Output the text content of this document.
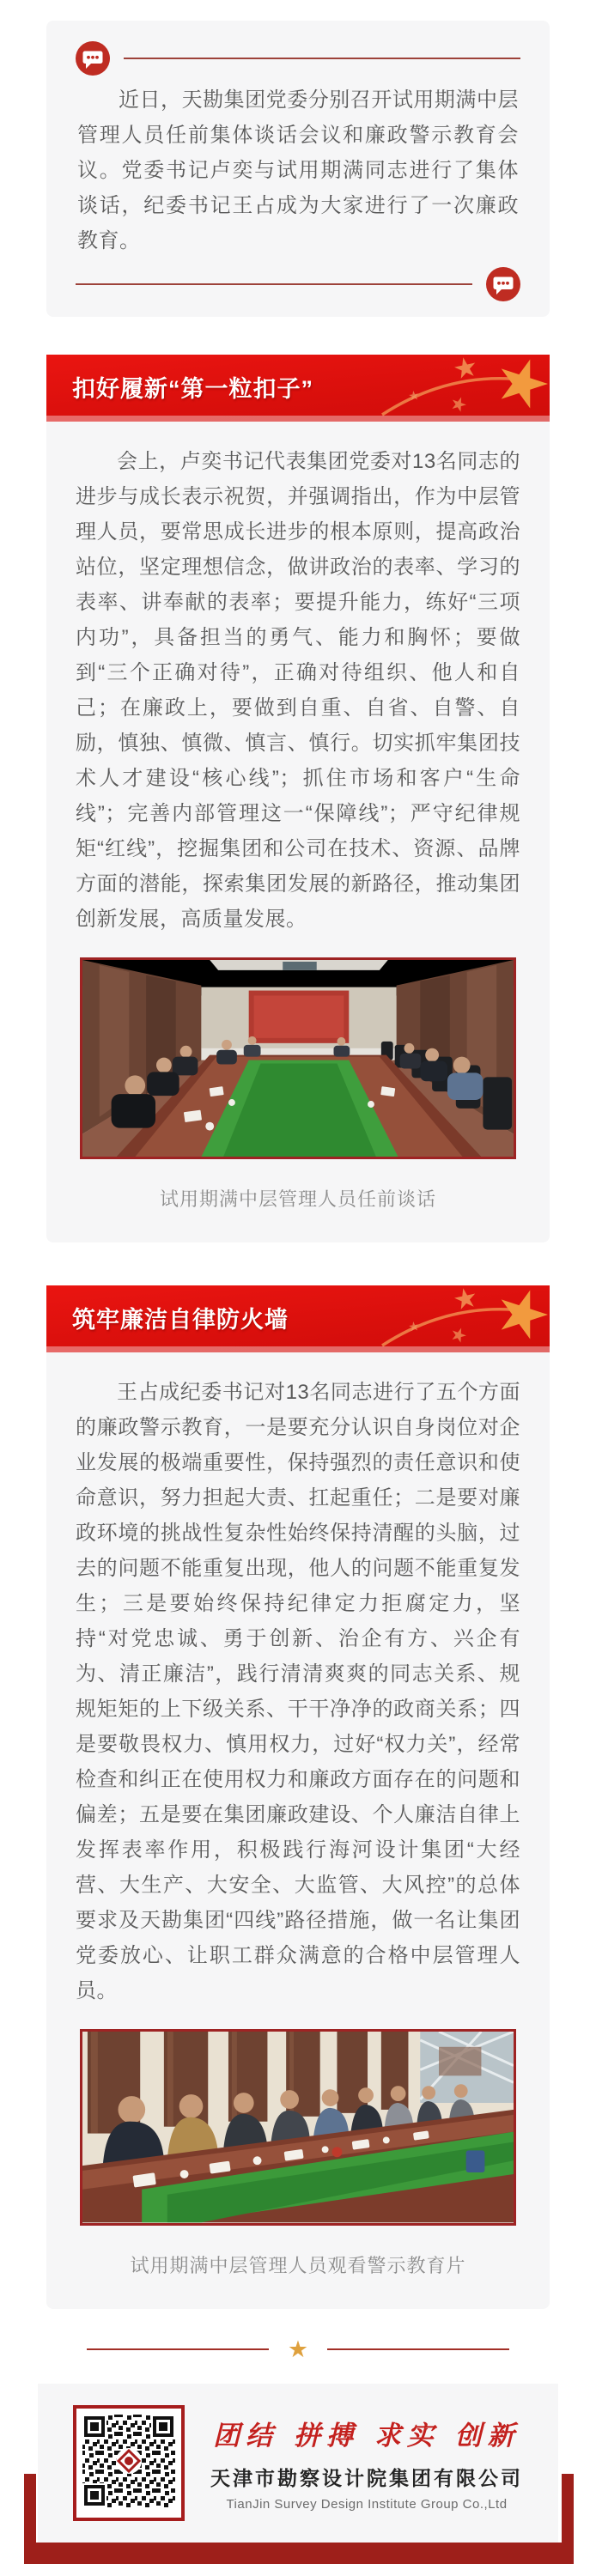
近日，天勘集团党委分别召开试用期满中层管理人员任前集体谈话会议和廉政警示教育会议。党委书记卢奕与试用期满同志进行了集体谈话，纪委书记王占成为大家进行了一次廉政教育。

扣好履新“第一粒扣子”

会上，卢奕书记代表集团党委对13名同志的进步与成长表示祝贺，并强调指出，作为中层管理人员，要常思成长进步的根本原则，提高政治站位，坚定理想信念，做讲政治的表率、学习的表率、讲奉献的表率；要提升能力，练好“三项内功”，具备担当的勇气、能力和胸怀；要做到“三个正确对待”，正确对待组织、他人和自己；在廉政上，要做到自重、自省、自警、自励，慎独、慎微、慎言、慎行。切实抓牢集团技术人才建设“核心线”；抓住市场和客户“生命线”；完善内部管理这一“保障线”；严守纪律规矩“红线”，挖掘集团和公司在技术、资源、品牌方面的潜能，探索集团发展的新路径，推动集团创新发展，高质量发展。

试用期满中层管理人员任前谈话
筑牢廉洁自律防火墙

王占成纪委书记对13名同志进行了五个方面的廉政警示教育，一是要充分认识自身岗位对企业发展的极端重要性，保持强烈的责任意识和使命意识，努力担起大责、扛起重任；二是要对廉政环境的挑战性复杂性始终保持清醒的头脑，过去的问题不能重复出现，他人的问题不能重复发生；三是要始终保持纪律定力拒腐定力，坚持“对党忠诚、勇于创新、治企有方、兴企有为、清正廉洁”，践行清清爽爽的同志关系、规规矩矩的上下级关系、干干净净的政商关系；四是要敬畏权力、慎用权力，过好“权力关”，经常检查和纠正在使用权力和廉政方面存在的问题和偏差；五是要在集团廉政建设、个人廉洁自律上发挥表率作用，积极践行海河设计集团“大经营、大生产、大安全、大监管、大风控”的总体要求及天勘集团“四线”路径措施，做一名让集团党委放心、让职工群众满意的合格中层管理人员。

试用期满中层管理人员观看警示教育片
★
团结 拼搏 求实 创新
天津市勘察设计院集团有限公司
TianJin Survey Design Institute Group Co.,Ltd
